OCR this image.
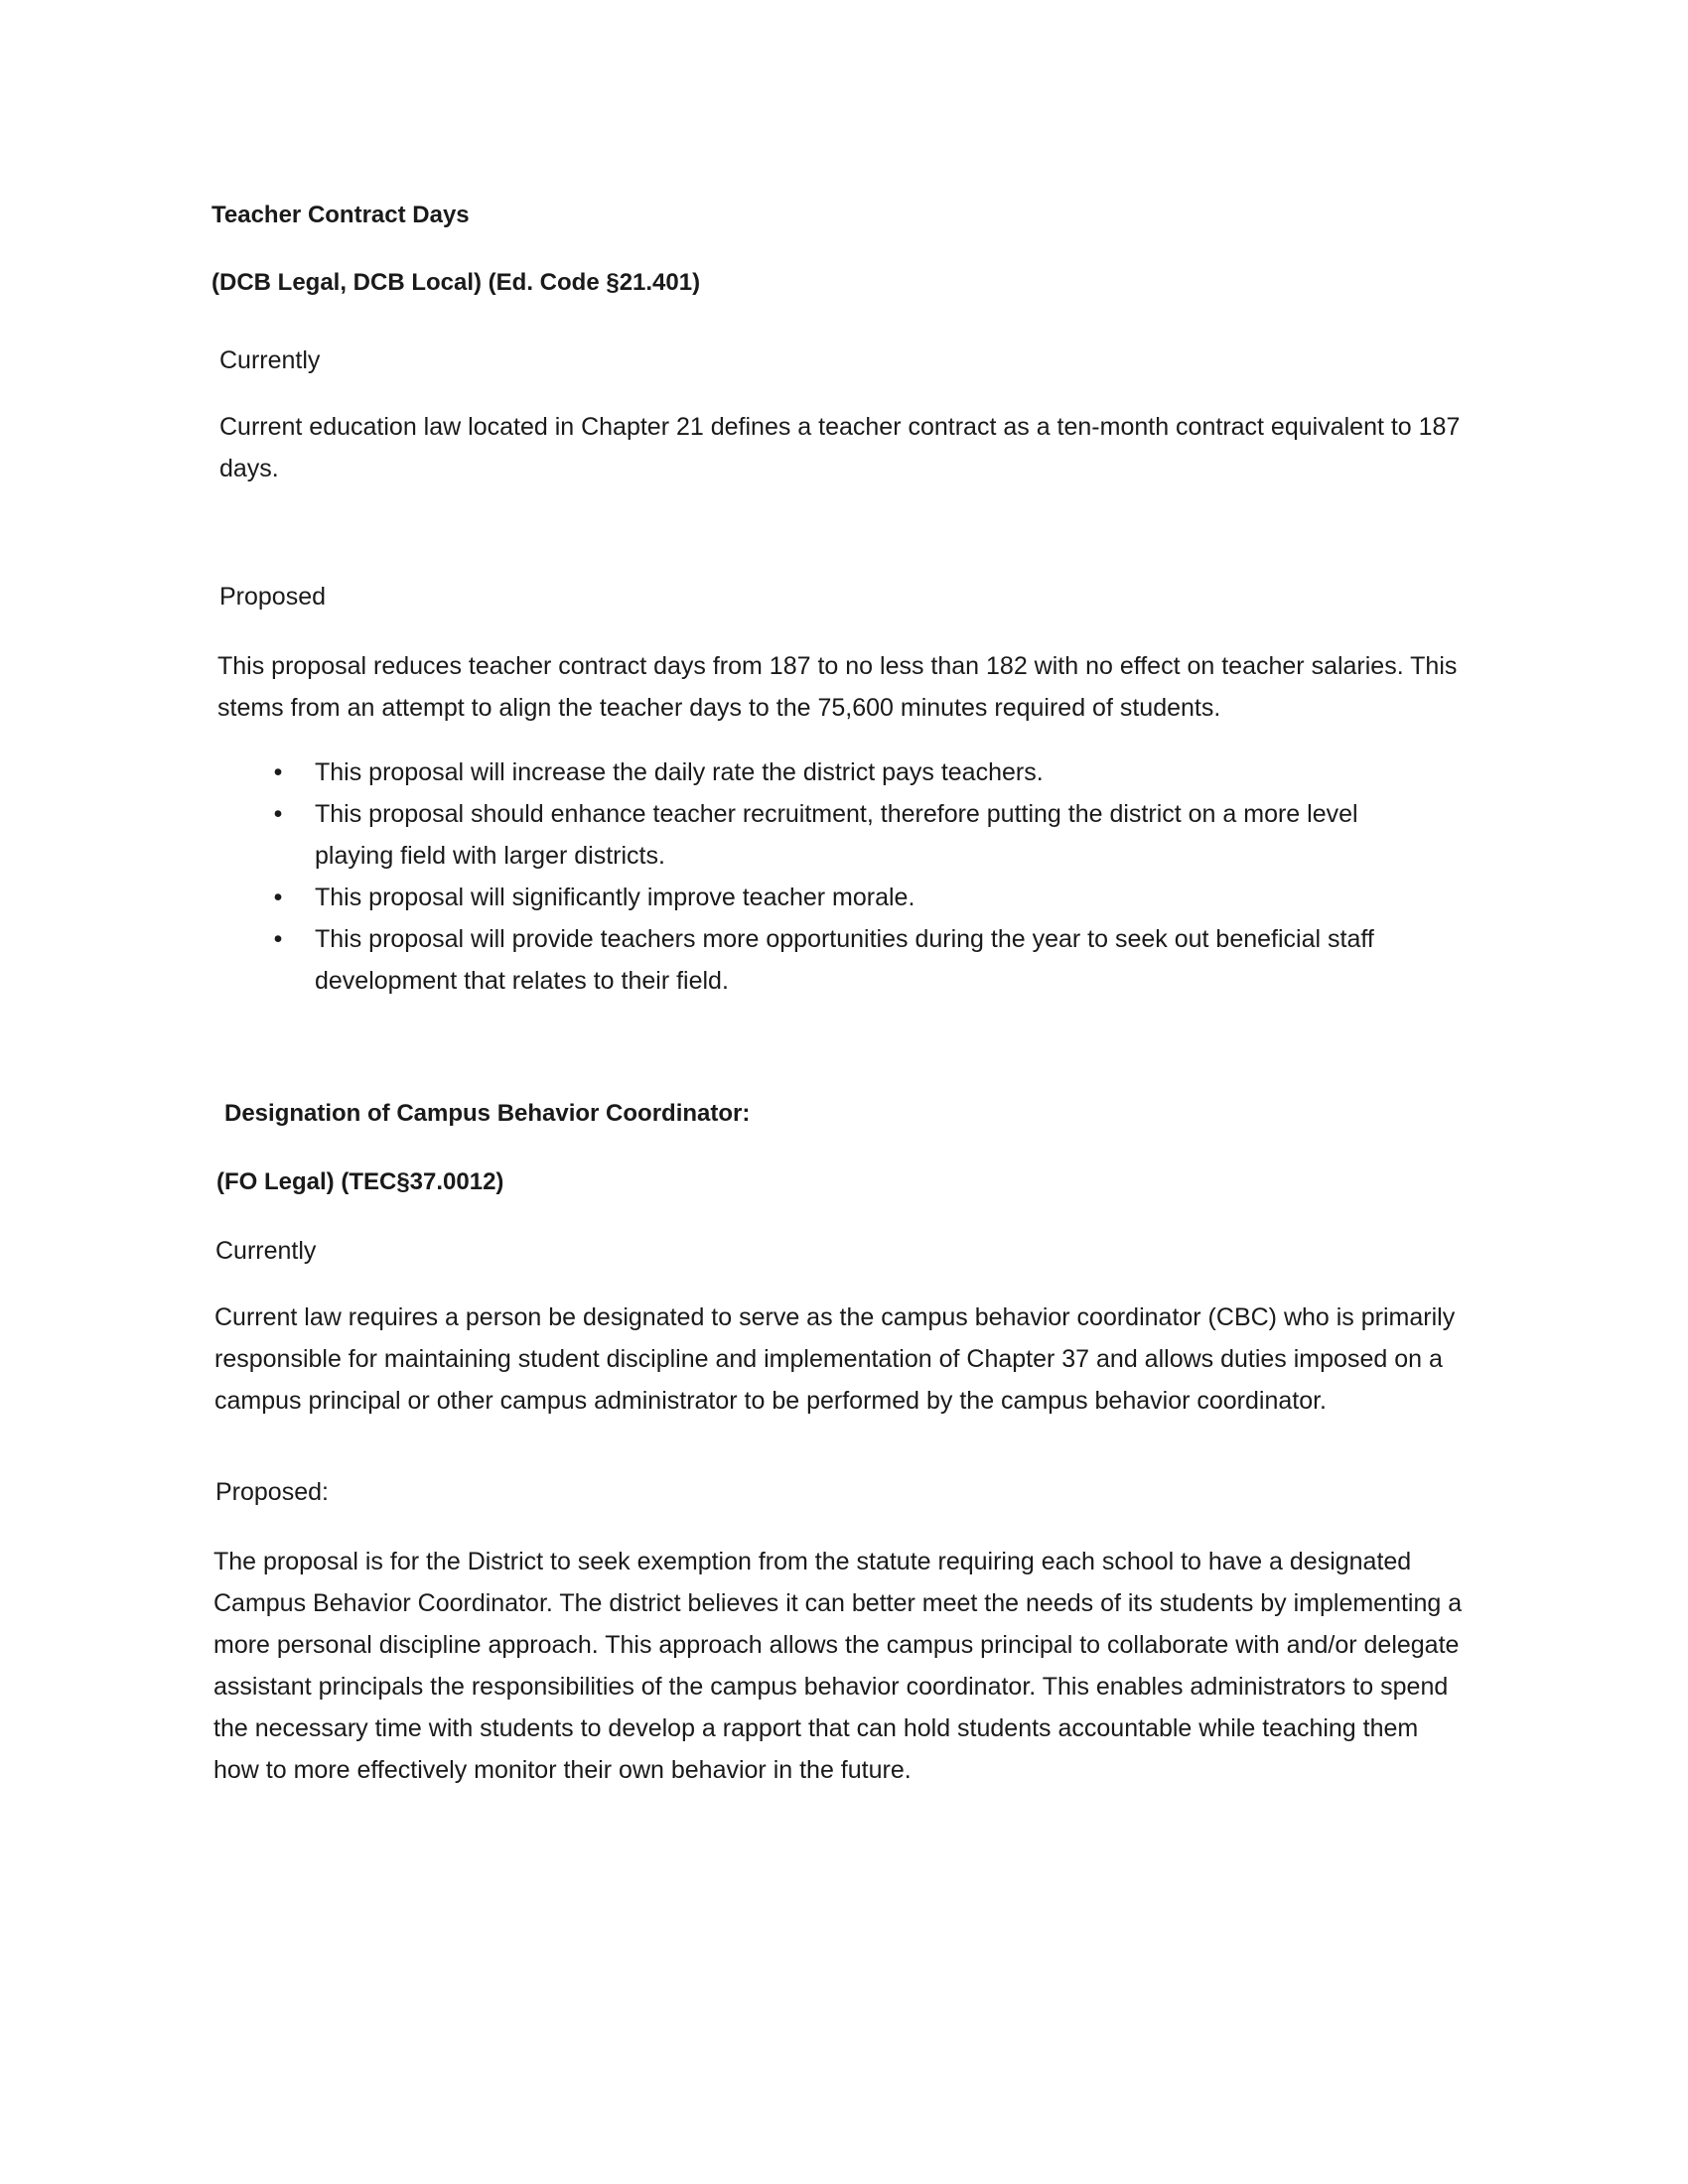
Teacher Contract Days

(DCB Legal, DCB Local) (Ed. Code §21.401)

Currently

Current education law located in Chapter 21 defines a teacher contract as a ten-month contract equivalent to 187 days.

Proposed

This proposal reduces teacher contract days from 187 to no less than 182 with no effect on teacher salaries. This stems from an attempt to align the teacher days to the 75,600 minutes required of students.

• This proposal will increase the daily rate the district pays teachers.
• This proposal should enhance teacher recruitment, therefore putting the district on a more level playing field with larger districts.
• This proposal will significantly improve teacher morale.
• This proposal will provide teachers more opportunities during the year to seek out beneficial staff development that relates to their field.

Designation of Campus Behavior Coordinator:

(FO Legal) (TEC§37.0012)

Currently

Current law requires a person be designated to serve as the campus behavior coordinator (CBC) who is primarily responsible for maintaining student discipline and implementation of Chapter 37 and allows duties imposed on a campus principal or other campus administrator to be performed by the campus behavior coordinator.

Proposed:

The proposal is for the District to seek exemption from the statute requiring each school to have a designated Campus Behavior Coordinator. The district believes it can better meet the needs of its students by implementing a more personal discipline approach. This approach allows the campus principal to collaborate with and/or delegate assistant principals the responsibilities of the campus behavior coordinator. This enables administrators to spend the necessary time with students to develop a rapport that can hold students accountable while teaching them how to more effectively monitor their own behavior in the future.
